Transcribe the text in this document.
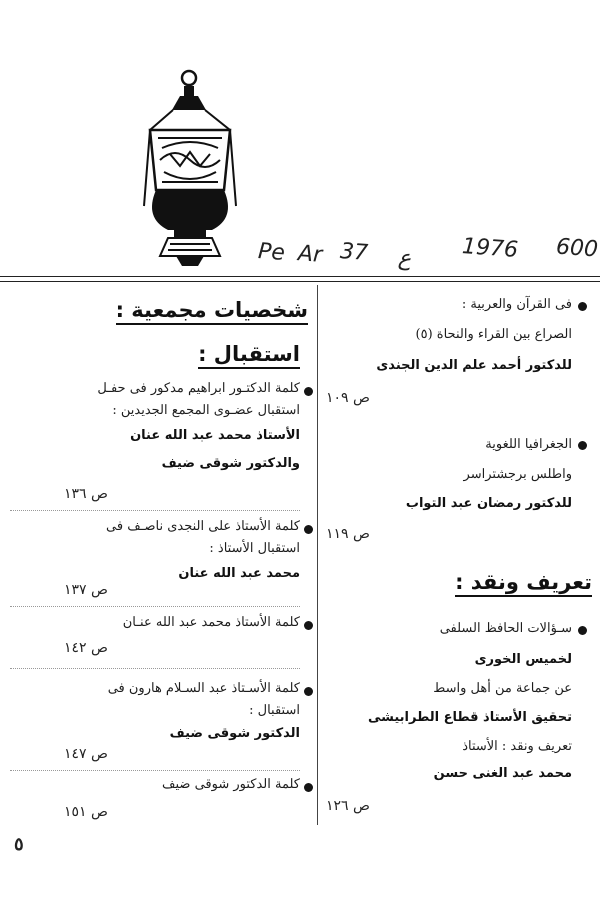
Pe Ar 37 ع 1976 600
فى القرآن والعربية :
الصراع بين القراء والنحاة (٥)
للدكتور أحمد علم الدين الجندى
ص ١٠٩
الجغرافيا اللغوية
واطلس برجشتراسر
للدكتور رمضان عبد التواب
ص ١١٩
تعريف ونقد :
سـؤالات الحافظ السلفى
لخميس الخورى
عن جماعة من أهل واسط
تحقيق الأستاذ قطاع الطرابيشى
تعريف ونقد : الأستاذ
محمد عبد الغنى حسن
ص ١٢٦
شخصيات مجمعية :
استقبال :
كلمة الدكتـور ابراهيم مدكور فى حفـل
استقبال عضـوى المجمع الجديدين :
الأستاذ محمد عبد الله عنان
والدكتور شوقى ضيف
ص ١٣٦
كلمة الأستاذ على النجدى ناصـف فى
استقبال الأستاذ :
محمد عبد الله عنان
ص ١٣٧
كلمة الأستاذ محمد عبد الله عنـان
ص ١٤٢
كلمة الأسـتاذ عبد السـلام هارون فى
استقبال :
الدكتور شوقى ضيف
ص ١٤٧
كلمة الدكتور شوقى ضيف
ص ١٥١
٥
